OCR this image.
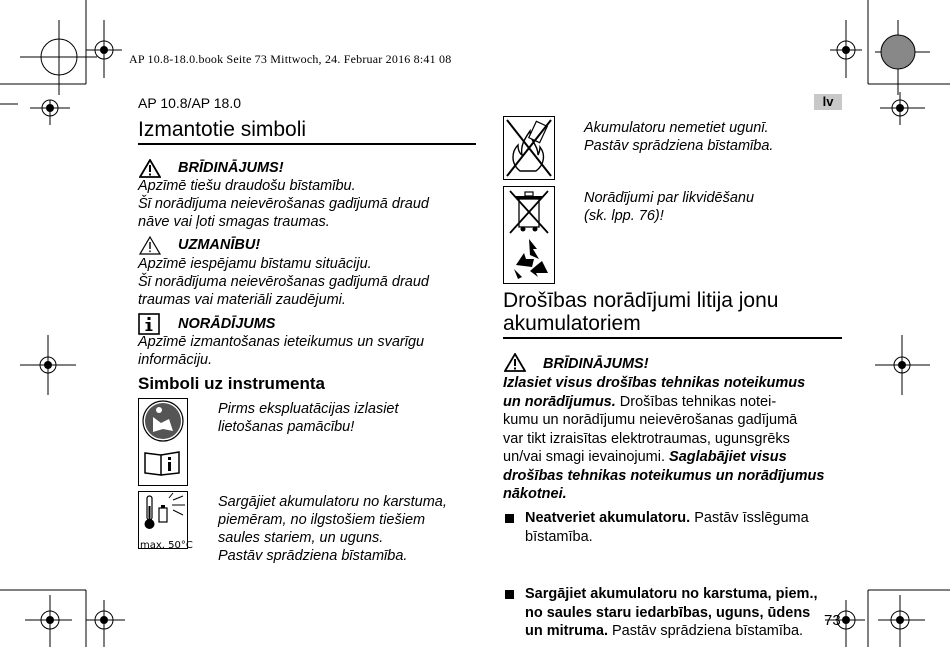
AP 10.8-18.0.book Seite 73 Mittwoch, 24. Februar 2016 8:41 08
AP 10.8/AP 18.0	lv
Izmantotie simboli
BRĪDINĀJUMS!

Apzīmē tiešu draudošu bīstamību.

Šī norādījuma neievērošanas gadījumā draud

nāve vai ļoti smagas traumas.

UZMANĪBU!

Apzīmē iespējamu bīstamu situāciju.

Šī norādījuma neievērošanas gadījumā draud

traumas vai materiāli zaudējumi.

NORĀDĪJUMS

Apzīmē izmantošanas ieteikumus un svarīgu

informāciju.

Simboli uz instrumenta

Pirms ekspluatācijas izlasiet

lietošanas pamācību!

max. 50°C

Sargājiet akumulatoru no karstuma,

piemēram, no ilgstošiem tiešiem

saules stariem, un uguns.

Pastāv sprādziena bīstamība.

Akumulatoru nemetiet ugunī.

Pastāv sprādziena bīstamība.

Norādījumi par likvidēšanu

(sk. lpp. 76)!

Drošības norādījumi litija jonu
akumulatoriem
BRĪDINĀJUMS!
Izlasiet visus drošības tehnikas noteikumus
un norādījumus. Drošības tehnikas notei-
kumu un norādījumu neievērošanas gadījumā
var tikt izraisītas elektrotraumas, ugunsgrēks
un/vai smagi ievainojumi. Saglabājiet visus
drošības tehnikas noteikumus un norādījumus
nākotnei.
Neatveriet akumulatoru. Pastāv īsslēguma
bīstamība.
Sargājiet akumulatoru no karstuma, piem.,
no saules staru iedarbības, uguns, ūdens
un mitruma. Pastāv sprādziena bīstamība.
73
